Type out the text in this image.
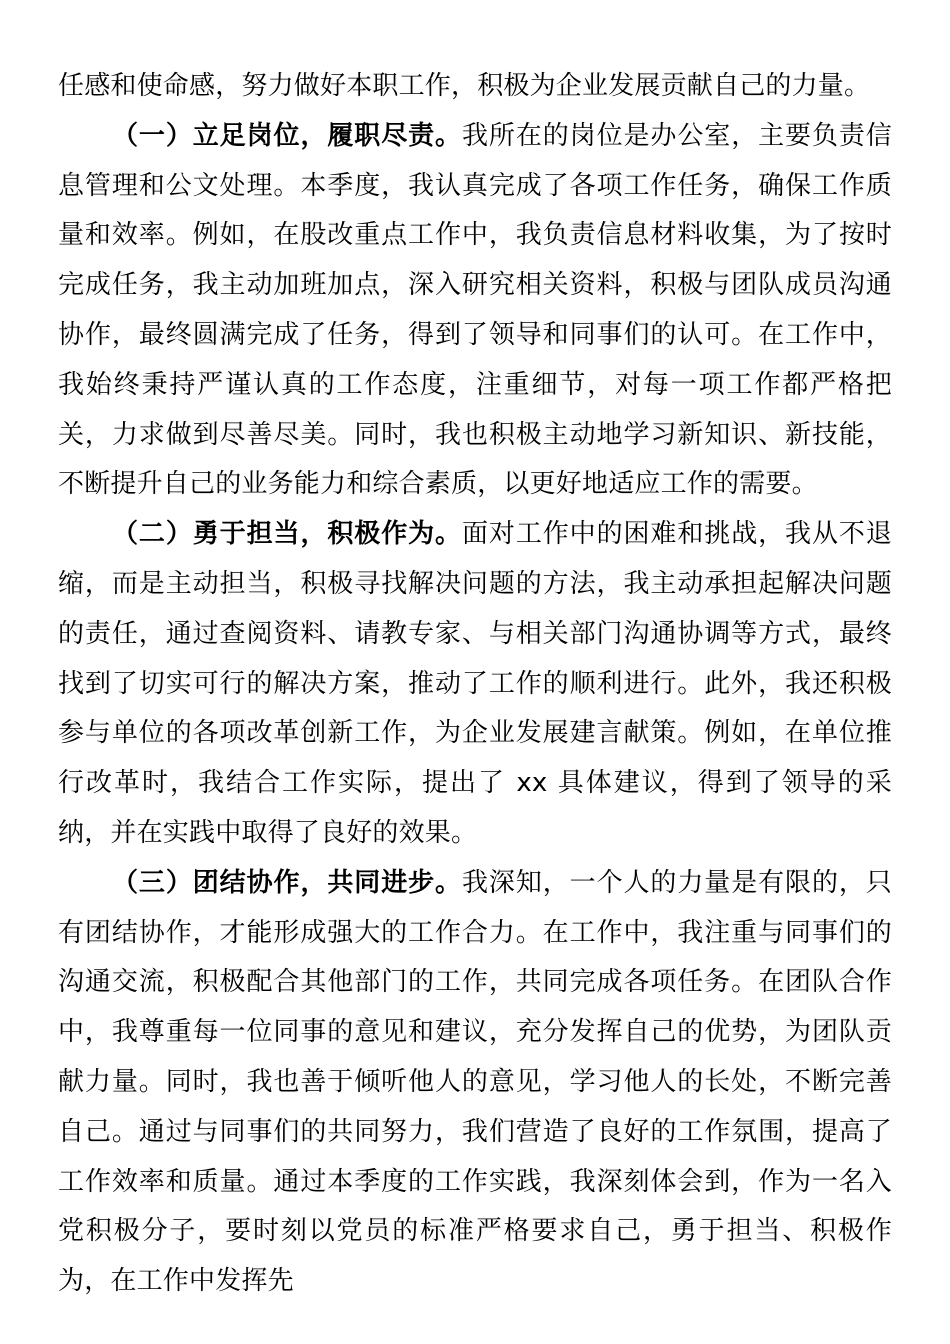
任感和使命感，努力做好本职工作，积极为企业发展贡献自己的力量。

（一）立足岗位，履职尽责。我所在的岗位是办公室，主要负责信息管理和公文处理。本季度，我认真完成了各项工作任务，确保工作质量和效率。例如，在股改重点工作中，我负责信息材料收集，为了按时完成任务，我主动加班加点，深入研究相关资料，积极与团队成员沟通协作，最终圆满完成了任务，得到了领导和同事们的认可。在工作中，我始终秉持严谨认真的工作态度，注重细节，对每一项工作都严格把关，力求做到尽善尽美。同时，我也积极主动地学习新知识、新技能，不断提升自己的业务能力和综合素质，以更好地适应工作的需要。

（二）勇于担当，积极作为。面对工作中的困难和挑战，我从不退缩，而是主动担当，积极寻找解决问题的方法，我主动承担起解决问题的责任，通过查阅资料、请教专家、与相关部门沟通协调等方式，最终找到了切实可行的解决方案，推动了工作的顺利进行。此外，我还积极参与单位的各项改革创新工作，为企业发展建言献策。例如，在单位推行改革时，我结合工作实际，提出了 xx 具体建议，得到了领导的采纳，并在实践中取得了良好的效果。

（三）团结协作，共同进步。我深知，一个人的力量是有限的，只有团结协作，才能形成强大的工作合力。在工作中，我注重与同事们的沟通交流，积极配合其他部门的工作，共同完成各项任务。在团队合作中，我尊重每一位同事的意见和建议，充分发挥自己的优势，为团队贡献力量。同时，我也善于倾听他人的意见，学习他人的长处，不断完善自己。通过与同事们的共同努力，我们营造了良好的工作氛围，提高了工作效率和质量。通过本季度的工作实践，我深刻体会到，作为一名入党积极分子，要时刻以党员的标准严格要求自己，勇于担当、积极作为，在工作中发挥先
